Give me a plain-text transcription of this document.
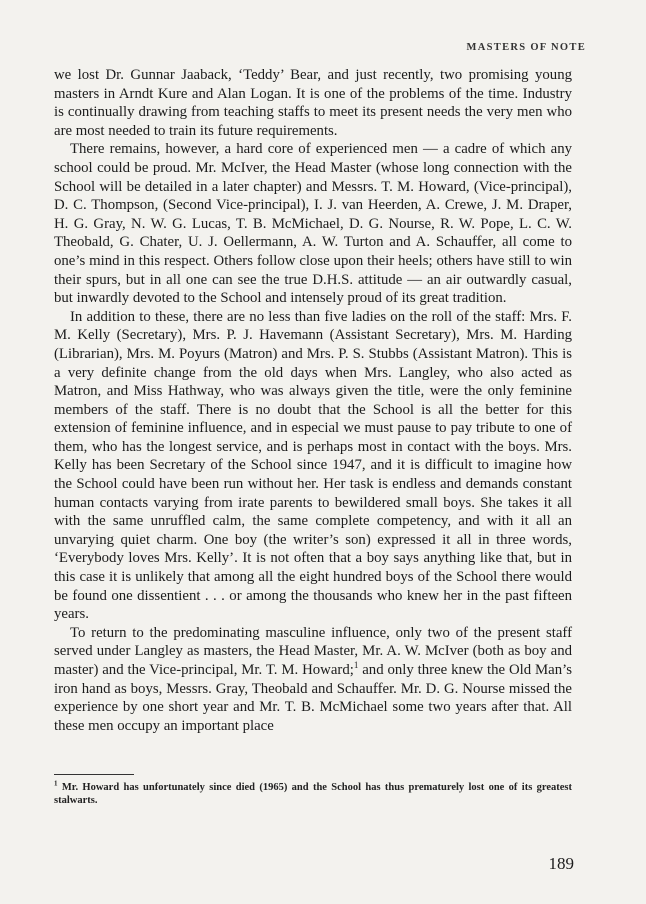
MASTERS OF NOTE

we lost Dr. Gunnar Jaaback, ‘Teddy’ Bear, and just recently, two promising young masters in Arndt Kure and Alan Logan. It is one of the problems of the time. Industry is continually drawing from teaching staffs to meet its present needs the very men who are most needed to train its future requirements.

There remains, however, a hard core of experienced men — a cadre of which any school could be proud. Mr. McIver, the Head Master (whose long connection with the School will be detailed in a later chapter) and Messrs. T. M. Howard, (Vice-principal), D. C. Thompson, (Second Vice-principal), I. J. van Heerden, A. Crewe, J. M. Draper, H. G. Gray, N. W. G. Lucas, T. B. McMichael, D. G. Nourse, R. W. Pope, L. C. W. Theobald, G. Chater, U. J. Oellermann, A. W. Turton and A. Schauffer, all come to one’s mind in this respect. Others follow close upon their heels; others have still to win their spurs, but in all one can see the true D.H.S. attitude — an air outwardly casual, but inwardly devoted to the School and intensely proud of its great tradition.

In addition to these, there are no less than five ladies on the roll of the staff: Mrs. F. M. Kelly (Secretary), Mrs. P. J. Havemann (Assistant Secretary), Mrs. M. Harding (Librarian), Mrs. M. Poyurs (Matron) and Mrs. P. S. Stubbs (Assistant Matron). This is a very definite change from the old days when Mrs. Langley, who also acted as Matron, and Miss Hathway, who was always given the title, were the only feminine members of the staff. There is no doubt that the School is all the better for this extension of feminine influence, and in especial we must pause to pay tribute to one of them, who has the longest service, and is perhaps most in contact with the boys. Mrs. Kelly has been Secretary of the School since 1947, and it is difficult to imagine how the School could have been run without her. Her task is endless and demands constant human contacts varying from irate parents to bewildered small boys. She takes it all with the same unruffled calm, the same complete competency, and with it all an unvarying quiet charm. One boy (the writer’s son) expressed it all in three words, ‘Everybody loves Mrs. Kelly’. It is not often that a boy says anything like that, but in this case it is unlikely that among all the eight hundred boys of the School there would be found one dissentient . . . or among the thousands who knew her in the past fifteen years.

To return to the predominating masculine influence, only two of the present staff served under Langley as masters, the Head Master, Mr. A. W. McIver (both as boy and master) and the Vice-principal, Mr. T. M. Howard;$^1$ and only three knew the Old Man’s iron hand as boys, Messrs. Gray, Theobald and Schauffer. Mr. D. G. Nourse missed the experience by one short year and Mr. T. B. McMichael some two years after that. All these men occupy an important place

$^1$ Mr. Howard has unfortunately since died (1965) and the School has thus prematurely lost one of its greatest stalwarts.
189
